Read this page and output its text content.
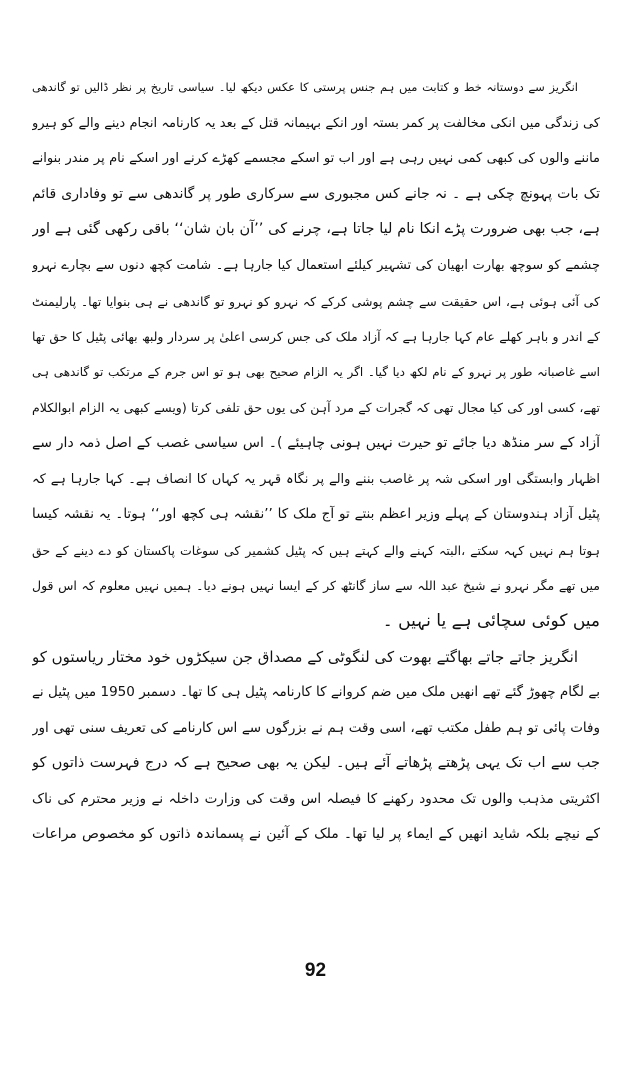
انگریز سے دوستانہ خط و کتابت میں ہم جنس پرستی کا عکس دیکھ لیا۔ سیاسی تاریخ پر نظر ڈالیں تو گاندھی
کی زندگی میں انکی مخالفت پر کمر بستہ اور انکے بہیمانہ قتل کے بعد یہ کارنامہ انجام دینے والے کو ہیرو
ماننے والوں کی کبھی کمی نہیں رہی ہے اور اب تو اسکے مجسمے کھڑے کرنے اور اسکے نام پر مندر بنوانے
تک بات پہونچ چکی ہے ۔ نہ جانے کس مجبوری سے سرکاری طور پر گاندھی سے تو وفاداری قائم
ہے، جب بھی ضرورت پڑے انکا نام لیا جاتا ہے، چرنے کی ’’آن بان شان‘‘ باقی رکھی گئی ہے اور
چشمے کو سوچھ بھارت ابھیان کی تشہیر کیلئے استعمال کیا جارہا ہے۔ شامت کچھ دنوں سے بچارے نہرو
کی آئی ہوئی ہے، اس حقیقت سے چشم پوشی کرکے کہ نہرو کو نہرو تو گاندھی نے ہی بنوایا تھا۔ پارلیمنٹ
کے اندر و باہر کھلے عام کہا جارہا ہے کہ آزاد ملک کی جس کرسی اعلیٰ پر سردار ولبھ بھائی پٹیل کا حق تھا
اسے غاصبانہ طور پر نہرو کے نام لکھ دیا گیا۔ اگر یہ الزام صحیح بھی ہو تو اس جرم کے مرتکب تو گاندھی ہی
تھے، کسی اور کی کیا مجال تھی کہ گجرات کے مرد آہن کی یوں حق تلفی کرتا (ویسے کبھی یہ الزام ابوالکلام
آزاد کے سر منڈھ دیا جائے تو حیرت نہیں ہونی چاہیئے )۔ اس سیاسی غصب کے اصل ذمہ دار سے
اظہار وابستگی اور اسکی شہ پر غاصب بننے والے پر نگاہ قہر یہ کہاں کا انصاف ہے۔ کہا جارہا ہے کہ
پٹیل آزاد ہندوستان کے پہلے وزیر اعظم بنتے تو آج ملک کا ’’نقشہ ہی کچھ اور‘‘ ہوتا۔ یہ نقشہ کیسا
ہوتا ہم نہیں کہہ سکتے ،البتہ کہنے والے کہتے ہیں کہ پٹیل کشمیر کی سوغات پاکستان کو دے دینے کے حق
میں تھے مگر نہرو نے شیخ عبد اللہ سے ساز گانٹھ کر کے ایسا نہیں ہونے دیا۔ ہمیں نہیں معلوم کہ اس قول
میں کوئی سچائی ہے یا نہیں ۔
انگریز جاتے جاتے بھاگتے بھوت کی لنگوٹی کے مصداق جن سیکڑوں خود مختار ریاستوں کو
بے لگام چھوڑ گئے تھے انھیں ملک میں ضم کروانے کا کارنامہ پٹیل ہی کا تھا۔ دسمبر 1950 میں پٹیل نے
وفات پائی تو ہم طفل مکتب تھے، اسی وقت ہم نے بزرگوں سے اس کارنامے کی تعریف سنی تھی اور
جب سے اب تک یہی پڑھتے پڑھاتے آئے ہیں۔ لیکن یہ بھی صحیح ہے کہ درج فہرست ذاتوں کو
اکثریتی مذہب والوں تک محدود رکھنے کا فیصلہ اس وقت کی وزارت داخلہ نے وزیر محترم کی ناک
کے نیچے بلکہ شاید انھیں کے ایماء پر لیا تھا۔ ملک کے آئین نے پسماندہ ذاتوں کو مخصوص مراعات
92
